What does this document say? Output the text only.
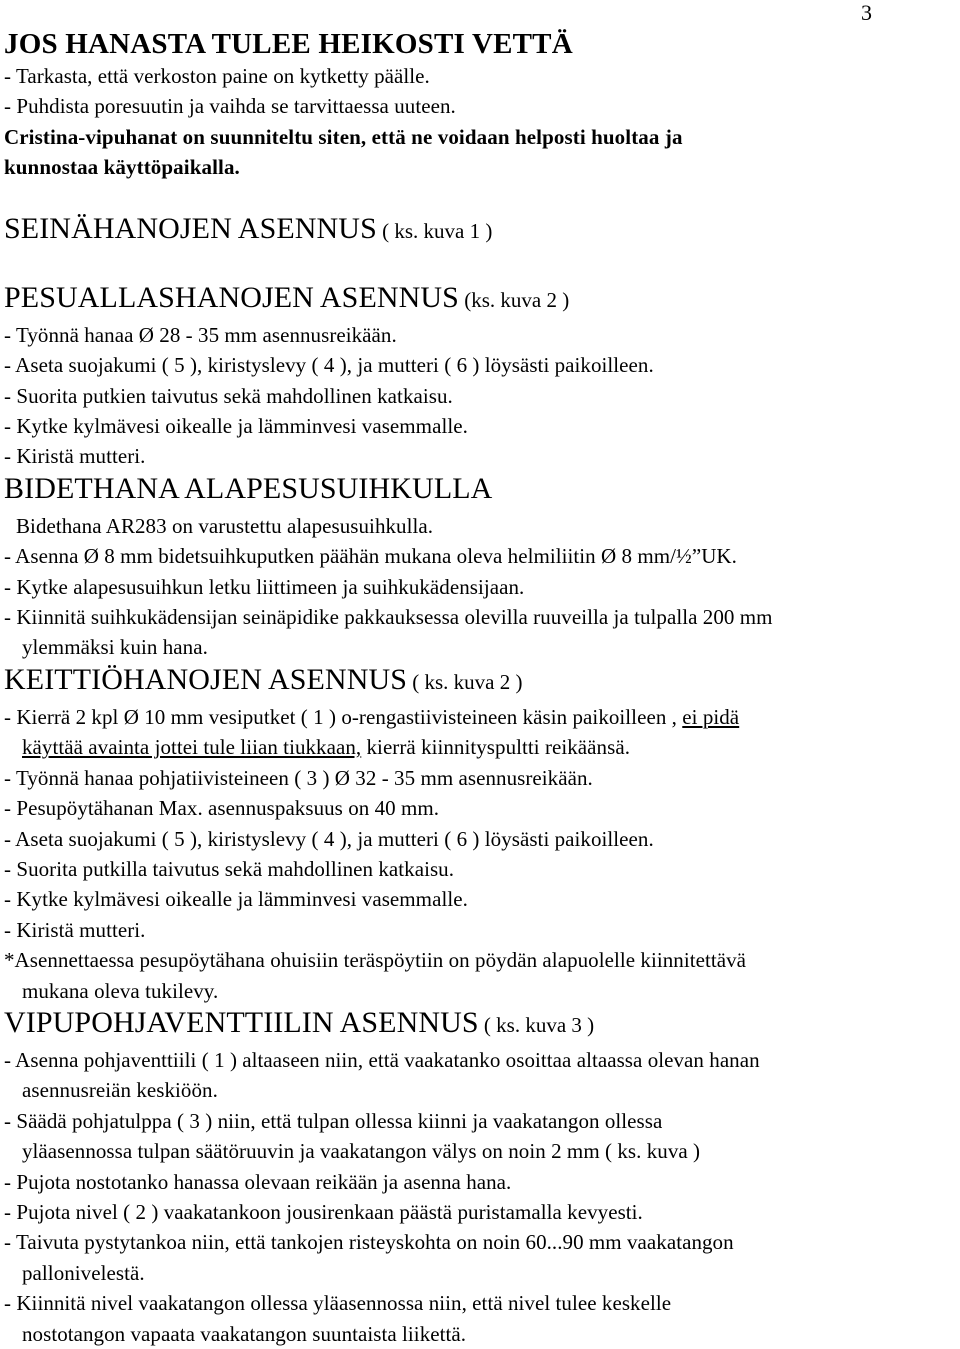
3

JOS HANASTA TULEE HEIKOSTI VETTÄ

- Tarkasta, että verkoston paine on kytketty päälle.

- Puhdista poresuutin ja vaihda se tarvittaessa uuteen.

Cristina-vipuhanat on suunniteltu siten, että ne voidaan helposti huoltaa ja

kunnostaa käyttöpaikalla.

SEINÄHANOJEN ASENNUS ( ks. kuva 1 )

PESUALLASHANOJEN ASENNUS (ks. kuva 2 )

- Työnnä hanaa Ø 28 - 35 mm asennusreikään.

- Aseta suojakumi ( 5 ), kiristyslevy ( 4 ), ja mutteri ( 6 ) löysästi paikoilleen.

- Suorita putkien taivutus sekä mahdollinen katkaisu.

- Kytke kylmävesi oikealle ja lämminvesi vasemmalle.

- Kiristä mutteri.

BIDETHANA ALAPESUSUIHKULLA

Bidethana AR283 on varustettu alapesusuihkulla.

- Asenna Ø 8 mm bidetsuihkuputken päähän mukana oleva helmiliitin Ø 8 mm/½”UK.

- Kytke alapesusuihkun letku liittimeen ja suihkukädensijaan.

- Kiinnitä suihkukädensijan seinäpidike pakkauksessa olevilla ruuveilla ja tulpalla 200 mm

ylemmäksi kuin hana.

KEITTIÖHANOJEN ASENNUS ( ks. kuva 2 )

- Kierrä 2 kpl Ø 10 mm vesiputket ( 1 ) o-rengastiivisteineen käsin paikoilleen , ei pidä

käyttää avainta jottei tule liian tiukkaan, kierrä kiinnityspultti reikäänsä.

- Työnnä hanaa pohjatiivisteineen ( 3 ) Ø 32 - 35 mm asennusreikään.

- Pesupöytähanan Max. asennuspaksuus on 40 mm.

- Aseta suojakumi ( 5 ), kiristyslevy ( 4 ), ja mutteri ( 6 ) löysästi paikoilleen.

- Suorita putkilla taivutus sekä mahdollinen katkaisu.

- Kytke kylmävesi oikealle ja lämminvesi vasemmalle.

- Kiristä mutteri.

*Asennettaessa pesupöytähana ohuisiin teräspöytiin on pöydän alapuolelle kiinnitettävä

mukana oleva tukilevy.

VIPUPOHJAVENTTIILIN ASENNUS ( ks. kuva 3 )

- Asenna pohjaventtiili ( 1 ) altaaseen niin, että vaakatanko osoittaa altaassa olevan hanan

asennusreiän keskiöön.

- Säädä pohjatulppa ( 3 ) niin, että tulpan ollessa kiinni ja vaakatangon ollessa

yläasennossa tulpan säätöruuvin ja vaakatangon välys on noin 2 mm ( ks. kuva )

- Pujota nostotanko hanassa olevaan reikään ja asenna hana.

- Pujota nivel ( 2 ) vaakatankoon jousirenkaan päästä puristamalla kevyesti.

- Taivuta pystytankoa niin, että tankojen risteyskohta on noin 60...90 mm vaakatangon

pallonivelestä.

- Kiinnitä nivel vaakatangon ollessa yläasennossa niin, että nivel tulee keskelle

nostotangon vapaata vaakatangon suuntaista liikettä.
